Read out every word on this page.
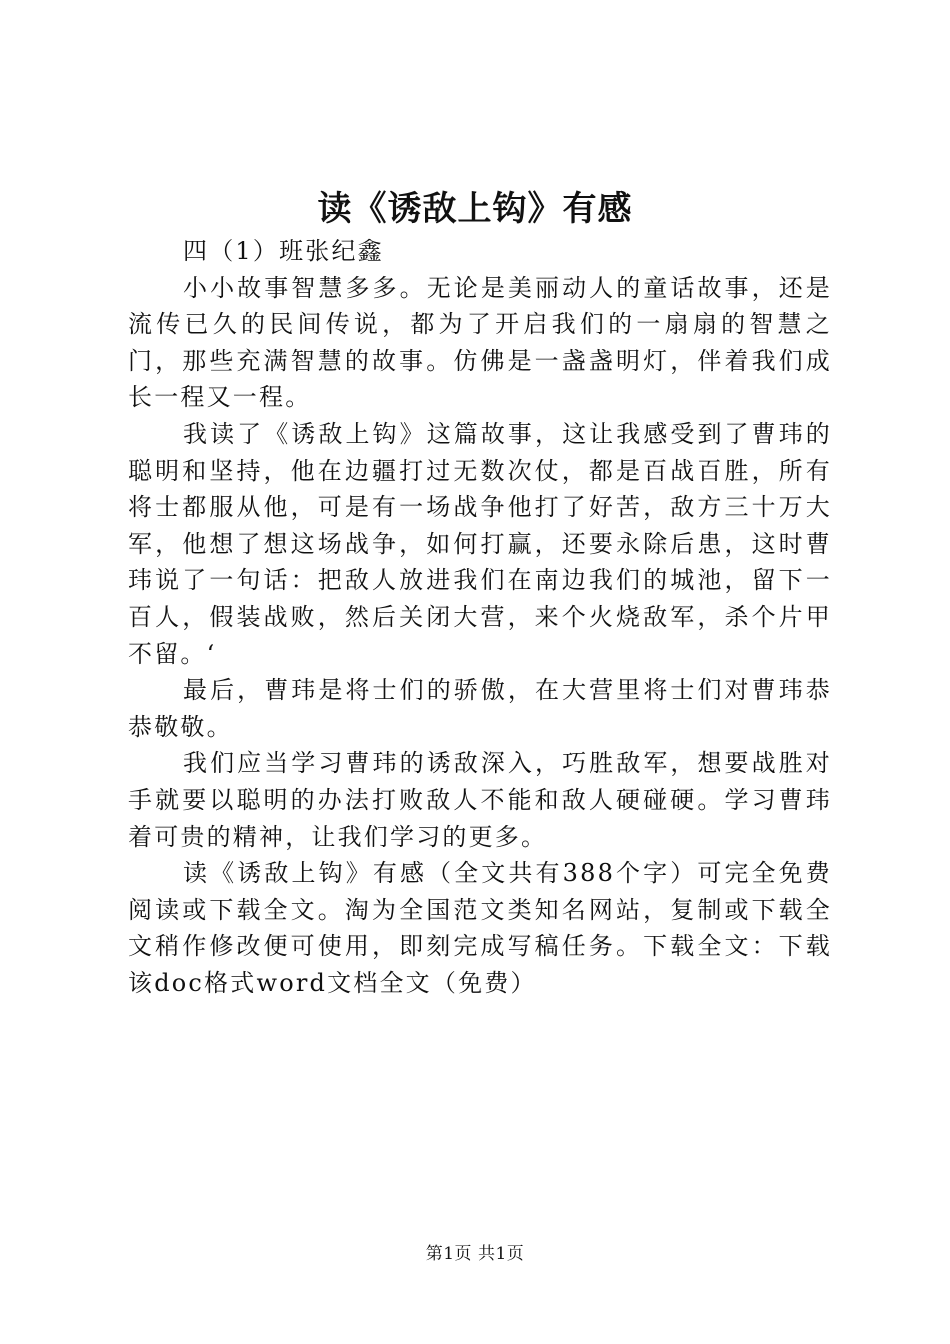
读《诱敌上钩》有感

四（1）班张纪鑫

小小故事智慧多多。无论是美丽动人的童话故事，还是流传已久的民间传说，都为了开启我们的一扇扇的智慧之门，那些充满智慧的故事。仿佛是一盏盏明灯，伴着我们成长一程又一程。

我读了《诱敌上钩》这篇故事，这让我感受到了曹玮的聪明和坚持，他在边疆打过无数次仗，都是百战百胜，所有将士都服从他，可是有一场战争他打了好苦，敌方三十万大军，他想了想这场战争，如何打赢，还要永除后患，这时曹玮说了一句话：把敌人放进我们在南边我们的城池，留下一百人，假装战败，然后关闭大营，来个火烧敌军，杀个片甲不留。‘

最后，曹玮是将士们的骄傲，在大营里将士们对曹玮恭恭敬敬。

我们应当学习曹玮的诱敌深入，巧胜敌军，想要战胜对手就要以聪明的办法打败敌人不能和敌人硬碰硬。学习曹玮着可贵的精神，让我们学习的更多。

读《诱敌上钩》有感（全文共有388个字）可完全免费阅读或下载全文。淘为全国范文类知名网站，复制或下载全文稍作修改便可使用，即刻完成写稿任务。下载全文：下载该doc格式word文档全文（免费）

第1页 共1页
